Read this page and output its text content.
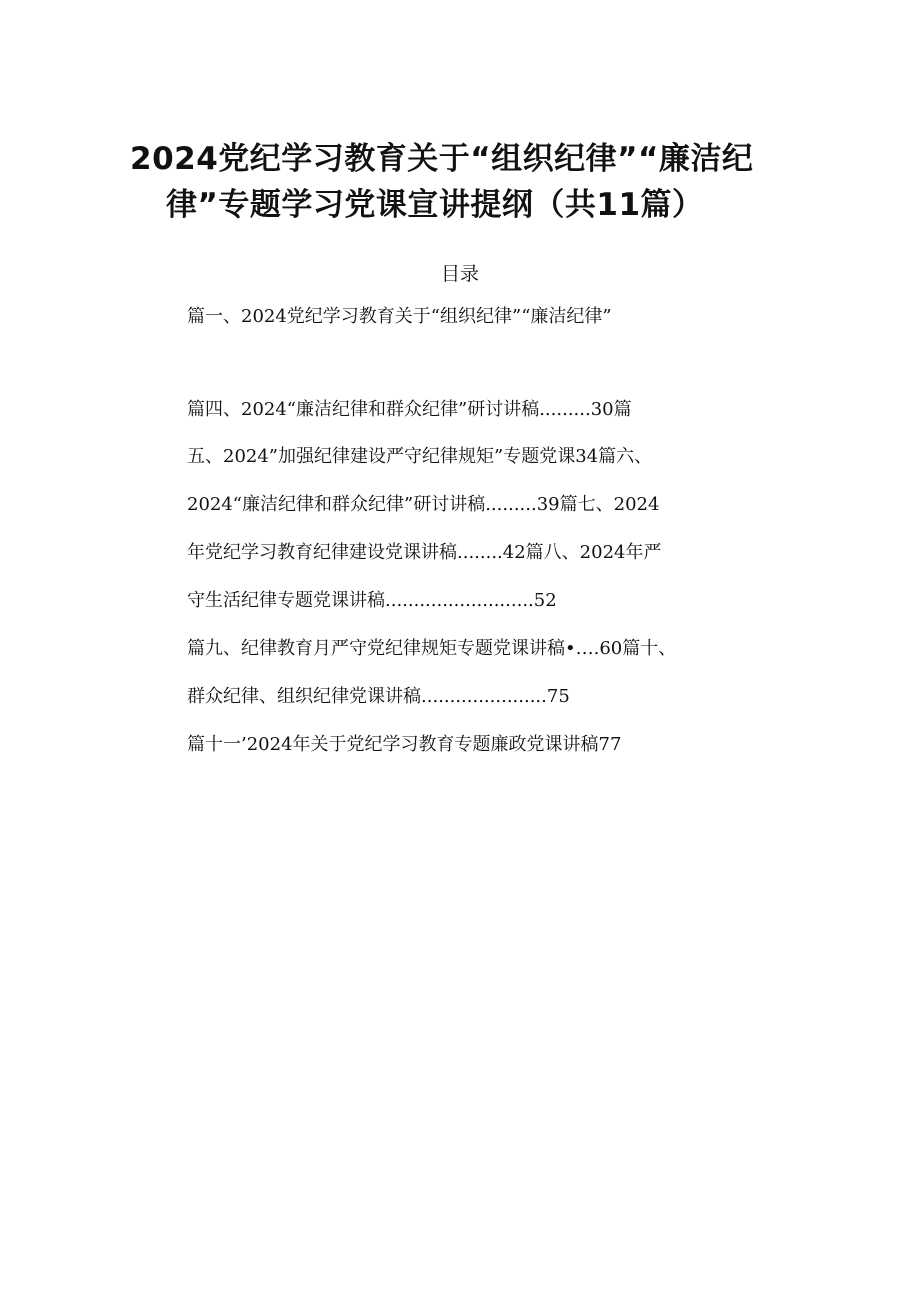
2024党纪学习教育关于“组织纪律”“廉洁纪
律”专题学习党课宣讲提纲（共11篇）
目录
篇一、2024党纪学习教育关于“组织纪律”“廉洁纪律”
篇四、2024“廉洁纪律和群众纪律”研讨讲稿.........30篇
五、2024”加强纪律建设严守纪律规矩”专题党课34篇六、
2024“廉洁纪律和群众纪律”研讨讲稿.........39篇七、2024
年党纪学习教育纪律建设党课讲稿........42篇八、2024年严
守生活纪律专题党课讲稿..........................52
篇九、纪律教育月严守党纪律规矩专题党课讲稿•….60篇十、
群众纪律、组织纪律党课讲稿......................75
篇十一’2024年关于党纪学习教育专题廉政党课讲稿77
